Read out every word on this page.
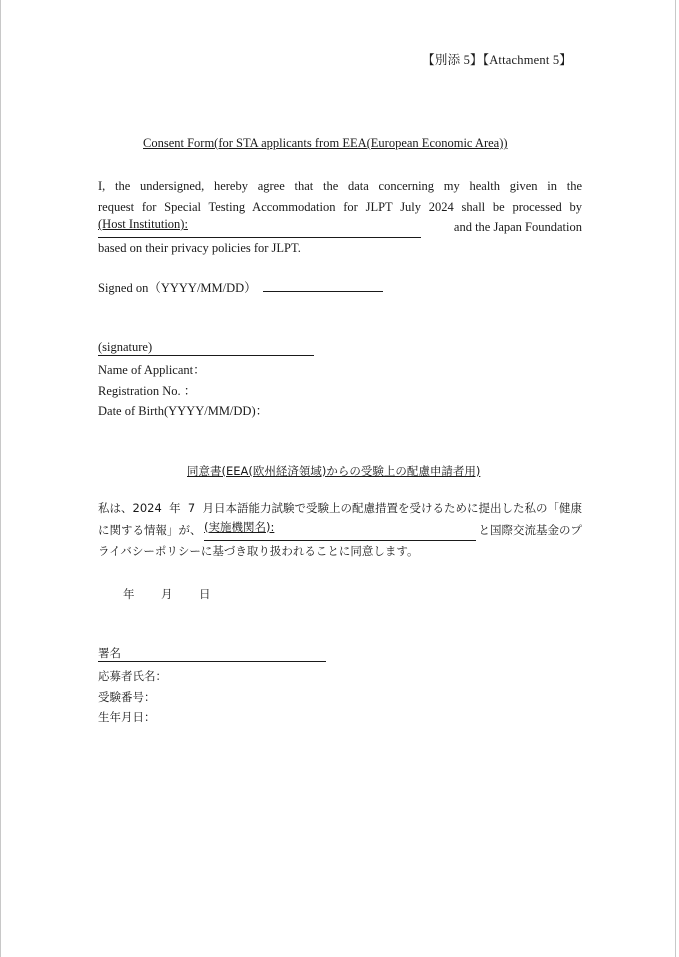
【別添 5】【Attachment 5】
Consent Form(for STA applicants from EEA(European Economic Area))
I, the undersigned, hereby agree that the data concerning my health given in the
request for Special Testing Accommodation for JLPT July 2024 shall be processed by
(Host Institution):	and the Japan Foundation
based on their privacy policies for JLPT.
Signed on（YYYY/MM/DD）
(signature)
Name of Applicant：
Registration No. ：
Date of Birth(YYYY/MM/DD)：
同意書(EEA(欧州経済領域)からの受験上の配慮申請者用)
私は、2024 年 7 月日本語能力試験で受験上の配慮措置を受けるために提出した私の「健康
に関する情報」が、 (実施機関名):	と国際交流基金のプ
ライバシーポリシーに基づき取り扱われることに同意します。
年	月	日
署名
応募者氏名：
受験番号：
生年月日：
